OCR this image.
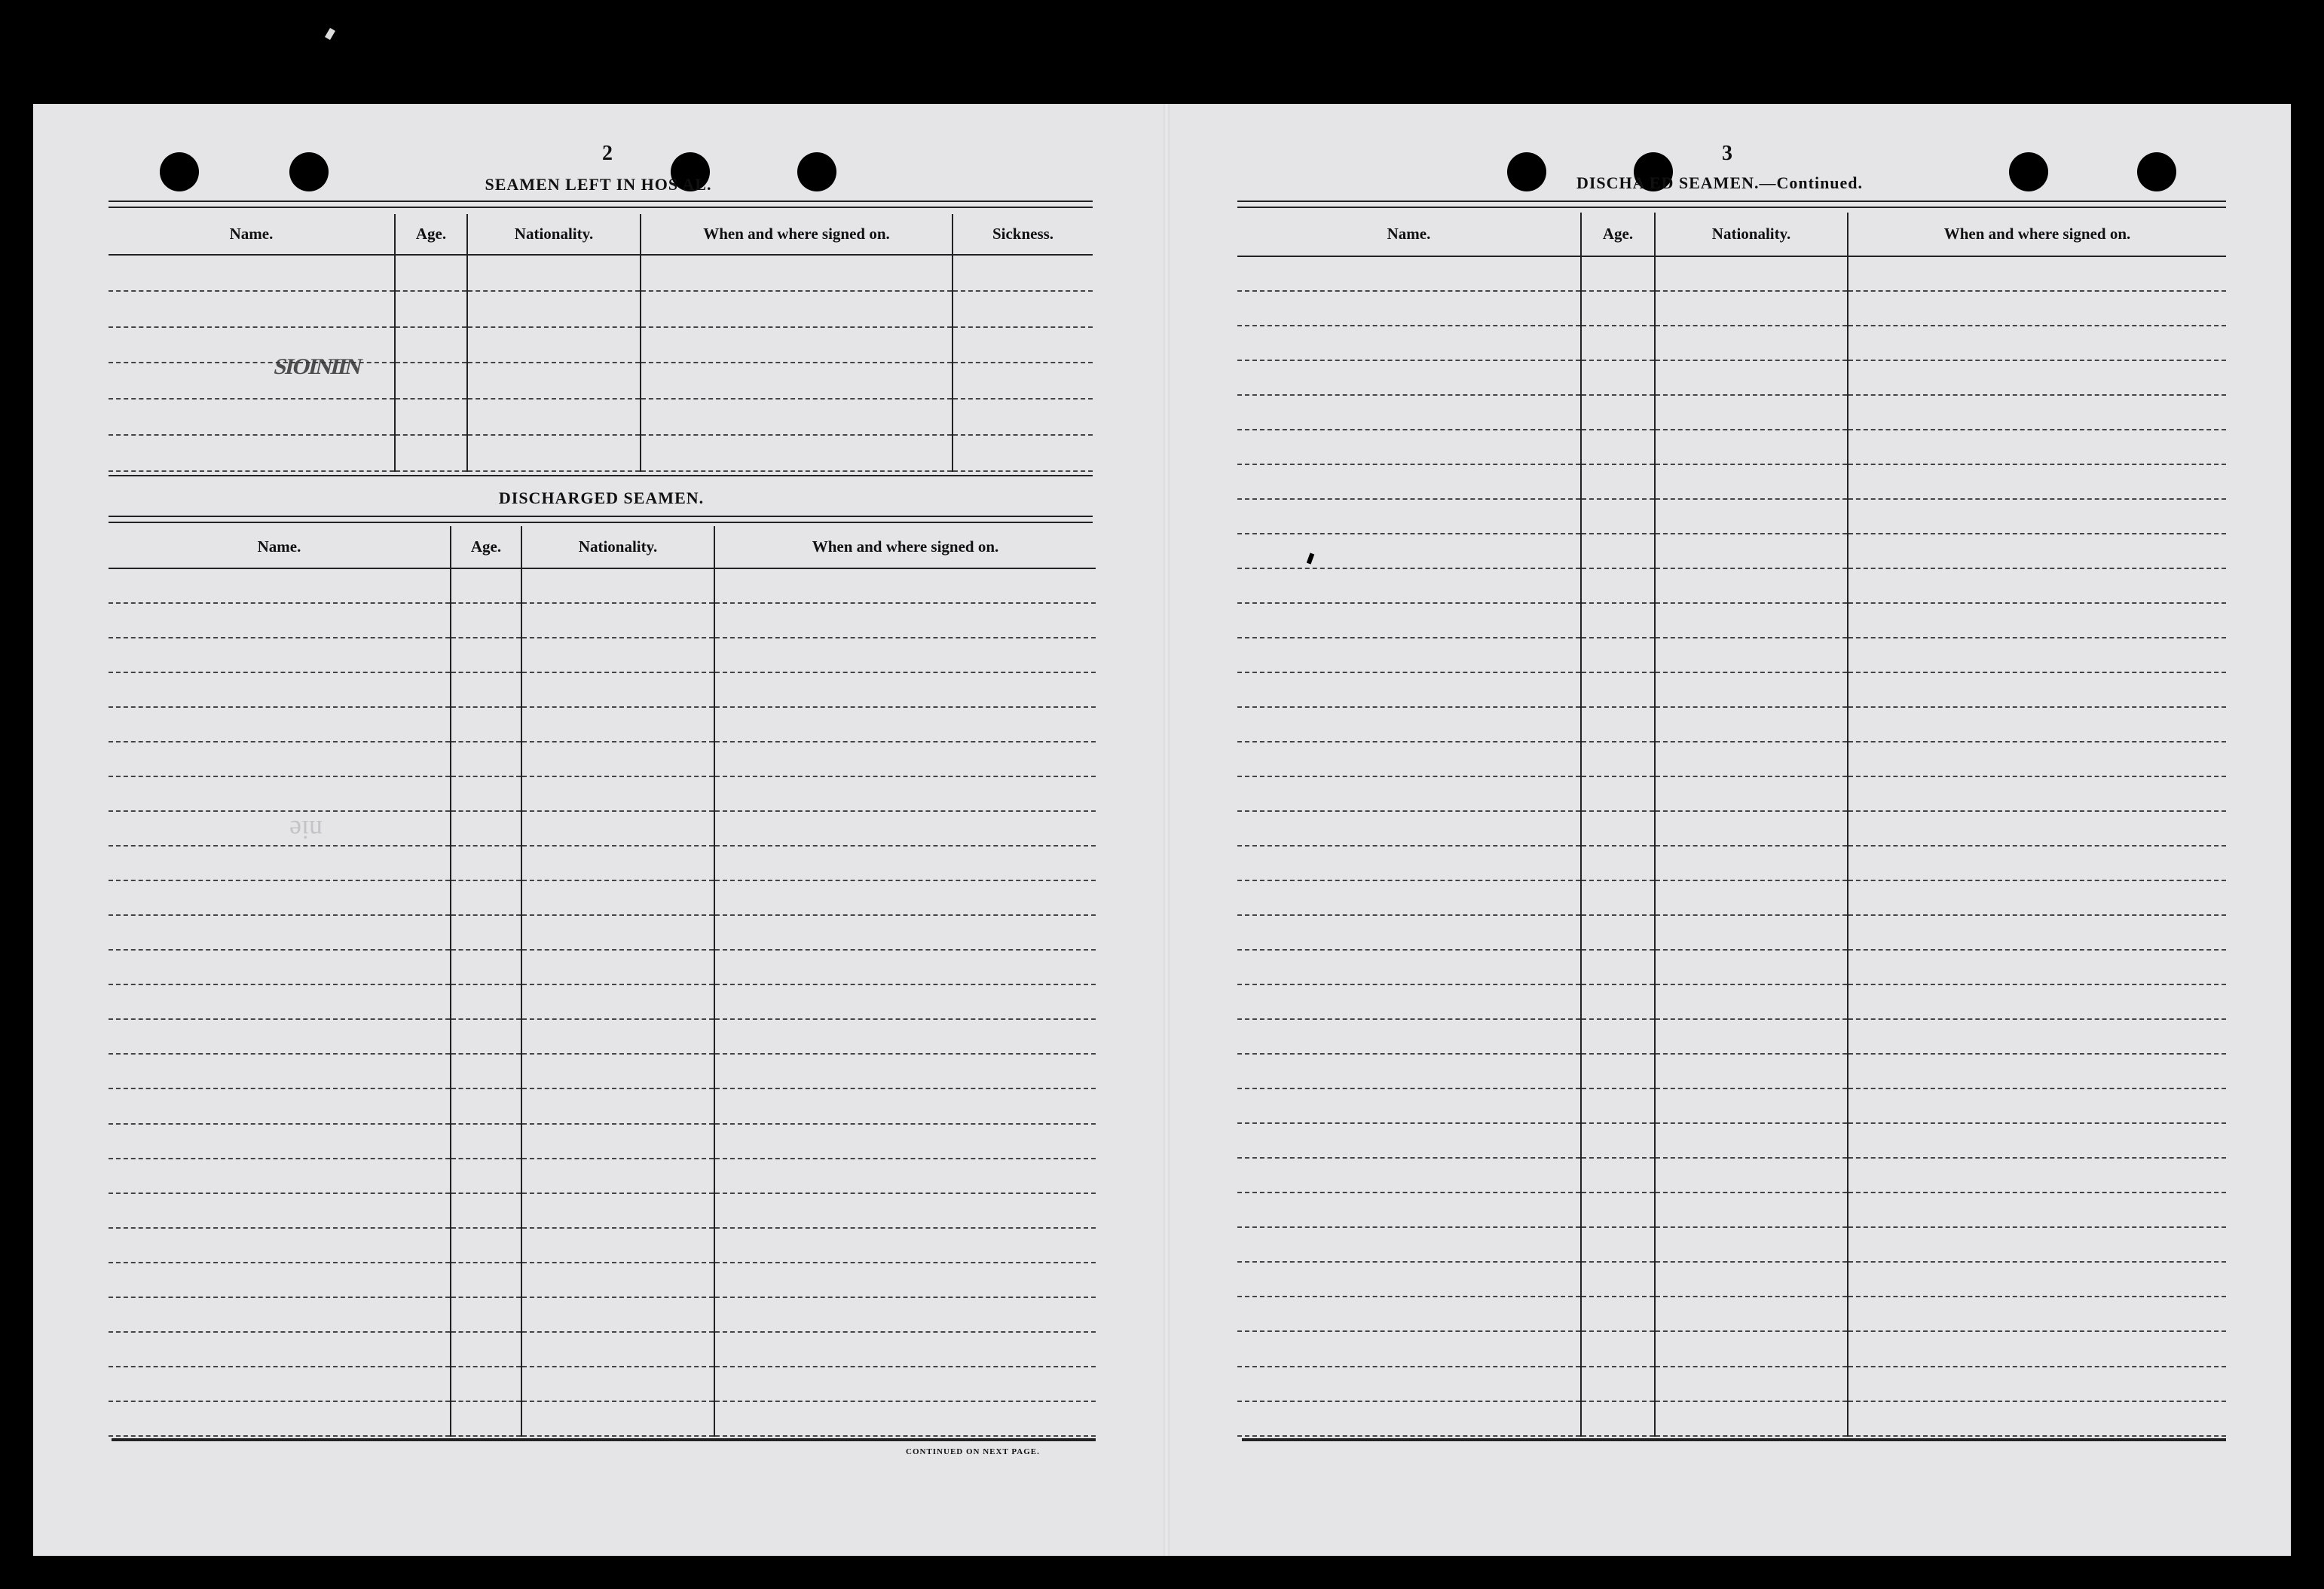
2
SEAMEN LEFT IN HOS AL.
Name.	Age.	Nationality.	When and where signed on.	Sickness.

SIOINIIN
DISCHARGED SEAMEN.
Name.	Age.	Nationality.	When and where signed on.

nie
CONTINUED ON NEXT PAGE.
3
DISCHA ED SEAMEN.—Continued.
Name.	Age.	Nationality.	When and where signed on.
